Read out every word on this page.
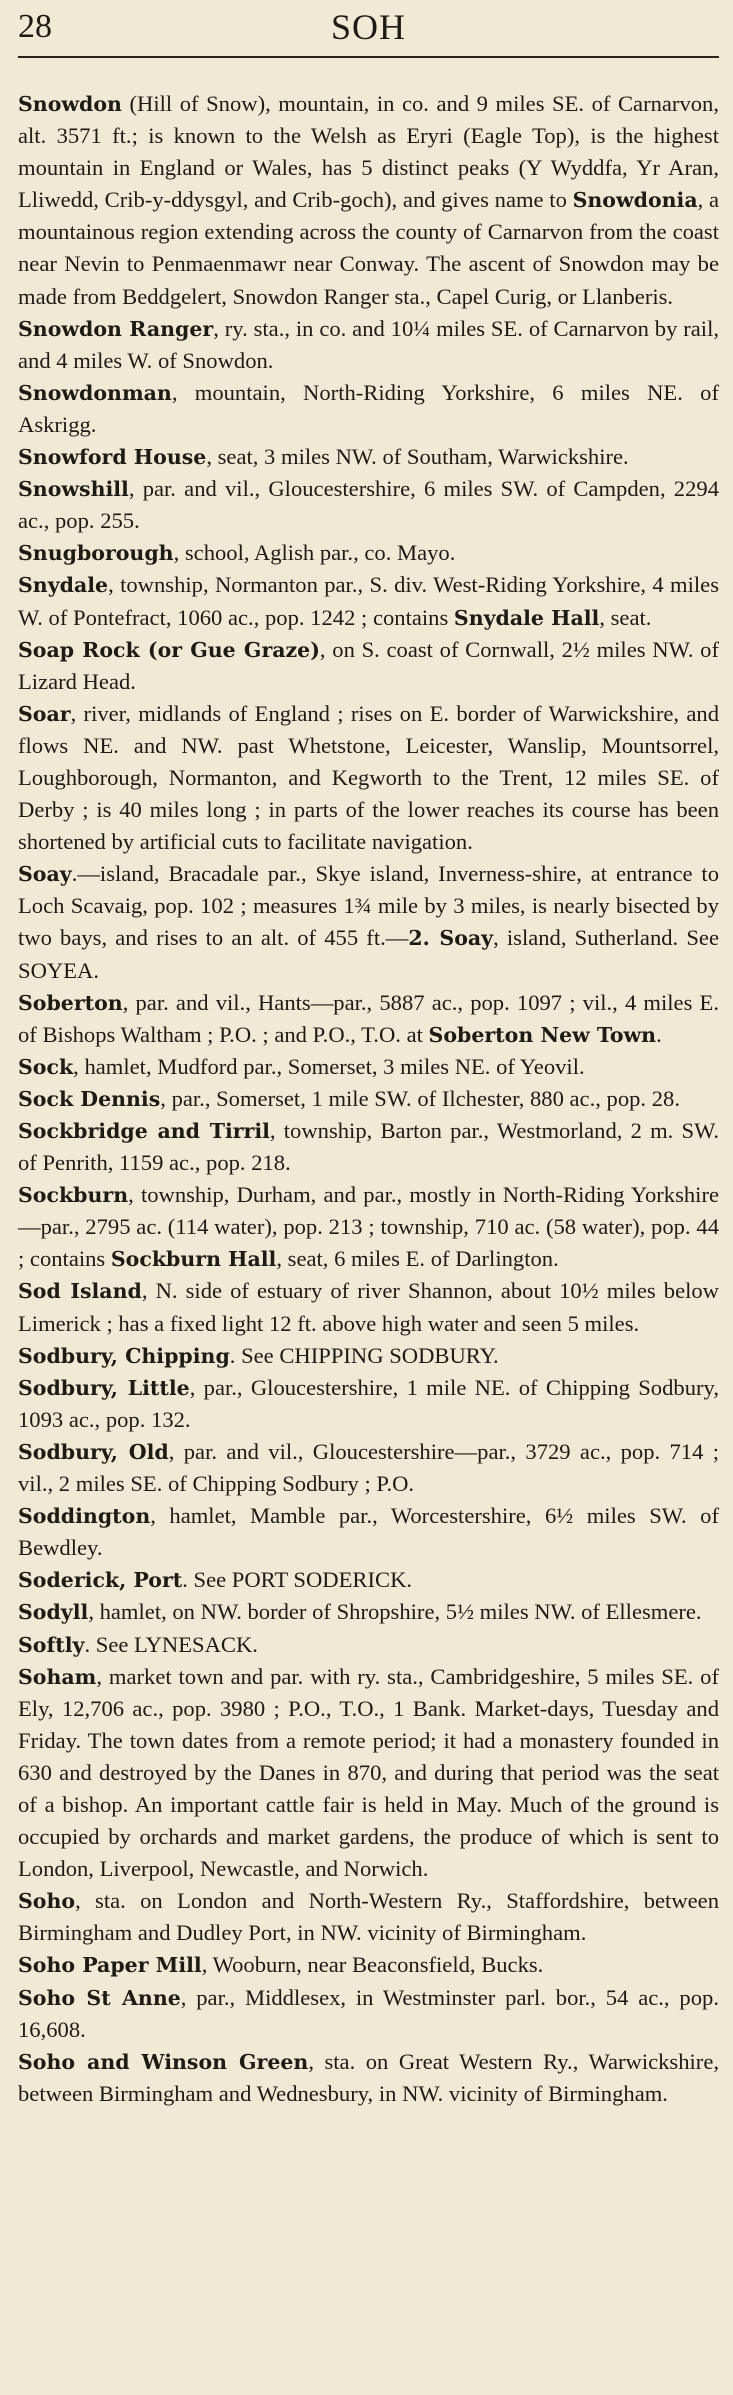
28	SOH

Snowdon (Hill of Snow), mountain, in co. and 9 miles SE. of Carnarvon, alt. 3571 ft.; is known to the Welsh as Eryri (Eagle Top), is the highest mountain in England or Wales, has 5 distinct peaks (Y Wyddfa, Yr Aran, Lliwedd, Crib-y-ddysgyl, and Crib-goch), and gives name to Snowdonia, a mountainous region extending across the county of Carnarvon from the coast near Nevin to Penmaenmawr near Conway. The ascent of Snowdon may be made from Beddgelert, Snowdon Ranger sta., Capel Curig, or Llanberis.

Snowdon Ranger, ry. sta., in co. and 10¼ miles SE. of Carnarvon by rail, and 4 miles W. of Snowdon.

Snowdonman, mountain, North-Riding Yorkshire, 6 miles NE. of Askrigg.

Snowford House, seat, 3 miles NW. of Southam, Warwickshire.

Snowshill, par. and vil., Gloucestershire, 6 miles SW. of Campden, 2294 ac., pop. 255.

Snugborough, school, Aglish par., co. Mayo.

Snydale, township, Normanton par., S. div. West-Riding Yorkshire, 4 miles W. of Pontefract, 1060 ac., pop. 1242 ; contains Snydale Hall, seat.

Soap Rock (or Gue Graze), on S. coast of Cornwall, 2½ miles NW. of Lizard Head.

Soar, river, midlands of England ; rises on E. border of Warwickshire, and flows NE. and NW. past Whetstone, Leicester, Wanslip, Mountsorrel, Loughborough, Normanton, and Kegworth to the Trent, 12 miles SE. of Derby ; is 40 miles long ; in parts of the lower reaches its course has been shortened by artificial cuts to facilitate navigation.

Soay.—island, Bracadale par., Skye island, Inverness-shire, at entrance to Loch Scavaig, pop. 102 ; measures 1¾ mile by 3 miles, is nearly bisected by two bays, and rises to an alt. of 455 ft.—2. Soay, island, Sutherland. See SOYEA.

Soberton, par. and vil., Hants—par., 5887 ac., pop. 1097 ; vil., 4 miles E. of Bishops Waltham ; P.O. ; and P.O., T.O. at Soberton New Town.

Sock, hamlet, Mudford par., Somerset, 3 miles NE. of Yeovil.

Sock Dennis, par., Somerset, 1 mile SW. of Ilchester, 880 ac., pop. 28.

Sockbridge and Tirril, township, Barton par., Westmorland, 2 m. SW. of Penrith, 1159 ac., pop. 218.

Sockburn, township, Durham, and par., mostly in North-Riding Yorkshire—par., 2795 ac. (114 water), pop. 213 ; township, 710 ac. (58 water), pop. 44 ; contains Sockburn Hall, seat, 6 miles E. of Darlington.

Sod Island, N. side of estuary of river Shannon, about 10½ miles below Limerick ; has a fixed light 12 ft. above high water and seen 5 miles.

Sodbury, Chipping. See CHIPPING SODBURY.

Sodbury, Little, par., Gloucestershire, 1 mile NE. of Chipping Sodbury, 1093 ac., pop. 132.

Sodbury, Old, par. and vil., Gloucestershire—par., 3729 ac., pop. 714 ; vil., 2 miles SE. of Chipping Sodbury ; P.O.

Soddington, hamlet, Mamble par., Worcestershire, 6½ miles SW. of Bewdley.

Soderick, Port. See PORT SODERICK.

Sodyll, hamlet, on NW. border of Shropshire, 5½ miles NW. of Ellesmere.

Softly. See LYNESACK.

Soham, market town and par. with ry. sta., Cambridgeshire, 5 miles SE. of Ely, 12,706 ac., pop. 3980 ; P.O., T.O., 1 Bank. Market-days, Tuesday and Friday. The town dates from a remote period; it had a monastery founded in 630 and destroyed by the Danes in 870, and during that period was the seat of a bishop. An important cattle fair is held in May. Much of the ground is occupied by orchards and market gardens, the produce of which is sent to London, Liverpool, Newcastle, and Norwich.

Soho, sta. on London and North-Western Ry., Staffordshire, between Birmingham and Dudley Port, in NW. vicinity of Birmingham.

Soho Paper Mill, Wooburn, near Beaconsfield, Bucks.

Soho St Anne, par., Middlesex, in Westminster parl. bor., 54 ac., pop. 16,608.

Soho and Winson Green, sta. on Great Western Ry., Warwickshire, between Birmingham and Wednesbury, in NW. vicinity of Birmingham.
